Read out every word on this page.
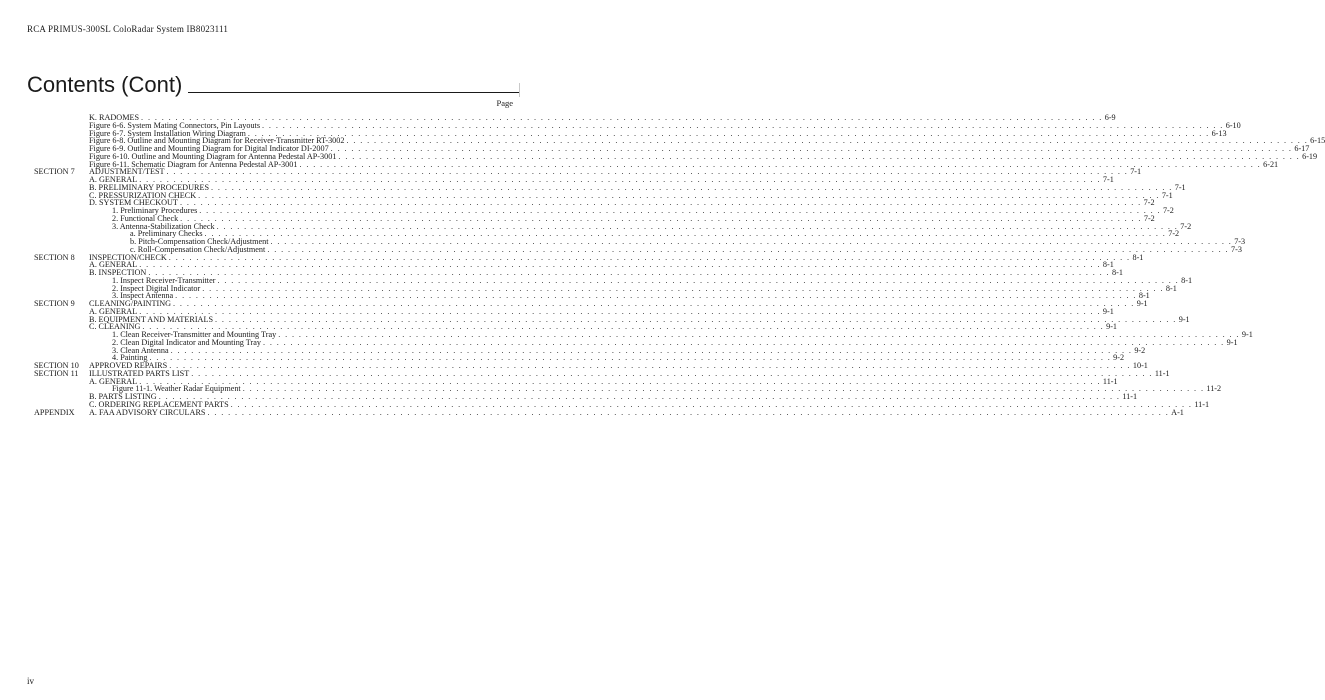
RCA PRIMUS-300SL ColoRadar System IB8023111
Contents (Cont)
Page
K. RADOMES . . . . . . . . . . . . . . . . . . . . . . . . . . . . . . . . . . . . . . . . . . . . . . . . . . . . . . . . . . . . . . . . . . . . . . . . . . . . . . . . . . . . . . . . . . . . . . . . . . . . . . . . . . . . . . . . . . . . . . . . . . . . . . . . . . . . . . . . . . . . 6-9
Figure 6-6. System Mating Connectors, Pin Layouts . . . . . . . . . . . . . . . . . . . . . . . . . . . . . . . . . . . . . . . . . . . . . . . . . . . . . . . . . . . . . . . . . . . . . . . . . . . . . . . . . . . . . . . . . . . . . . . . . . . . . . . . . . . . . . . . . . . . . . . . . . . . . . . . . . . . . . . . . . . . 6-10
Figure 6-7. System Installation Wiring Diagram . . . . . . . . . . . . . . . . . . . . . . . . . . . . . . . . . . . . . . . . . . . . . . . . . . . . . . . . . . . . . . . . . . . . . . . . . . . . . . . . . . . . . . . . . . . . . . . . . . . . . . . . . . . . . . . . . . . . . . . . . . . . . . . . . . . . . . . . . . . . 6-13
Figure 6-8. Outline and Mounting Diagram for Receiver-Transmitter RT-3002 . . . . . . . . . . . . . . . . . . . . . . . . . . . . . . . . . . . . . . . . . . . . . . . . . . . . . . . . . . . . . . . . . . . . . . . . . . . . . . . . . . . . . . . . . . . . . . . . . . . . . . . . . . . . . . . . . . . . . . . . . . . . . . . . . . . . . . . . . . . . 6-15
Figure 6-9. Outline and Mounting Diagram for Digital Indicator DI-2007 . . . . . . . . . . . . . . . . . . . . . . . . . . . . . . . . . . . . . . . . . . . . . . . . . . . . . . . . . . . . . . . . . . . . . . . . . . . . . . . . . . . . . . . . . . . . . . . . . . . . . . . . . . . . . . . . . . . . . . . . . . . . . . . . . . . . . . . . . . . . 6-17
Figure 6-10. Outline and Mounting Diagram for Antenna Pedestal AP-3001 . . . . . . . . . . . . . . . . . . . . . . . . . . . . . . . . . . . . . . . . . . . . . . . . . . . . . . . . . . . . . . . . . . . . . . . . . . . . . . . . . . . . . . . . . . . . . . . . . . . . . . . . . . . . . . . . . . . . . . . . . . . . . . . . . . . . . . . . . . . . 6-19
Figure 6-11. Schematic Diagram for Antenna Pedestal AP-3001 . . . . . . . . . . . . . . . . . . . . . . . . . . . . . . . . . . . . . . . . . . . . . . . . . . . . . . . . . . . . . . . . . . . . . . . . . . . . . . . . . . . . . . . . . . . . . . . . . . . . . . . . . . . . . . . . . . . . . . . . . . . . . . . . . . . . . . . . . . . . 6-21
SECTION 7 ADJUSTMENT/TEST . . . . . . . . . . . . . . . . . . . . . . . . . . . . . . . . . . . . . . . . . . . . . . . . . . . . . . . . . . . . . . . . . . . . . . . . . . . . . . . . . . . . . . . . . . . . . . . . . . . . . . . . . . . . . . . . . . . . . . . . . . . . . . . . . . . . . . . . . . . . 7-1
A. GENERAL . . . . . . . . . . . . . . . . . . . . . . . . . . . . . . . . . . . . . . . . . . . . . . . . . . . . . . . . . . . . . . . . . . . . . . . . . . . . . . . . . . . . . . . . . . . . . . . . . . . . . . . . . . . . . . . . . . . . . . . . . . . . . . . . . . . . . . . . . . . . 7-1
B. PRELIMINARY PROCEDURES . . . . . . . . . . . . . . . . . . . . . . . . . . . . . . . . . . . . . . . . . . . . . . . . . . . . . . . . . . . . . . . . . . . . . . . . . . . . . . . . . . . . . . . . . . . . . . . . . . . . . . . . . . . . . . . . . . . . . . . . . . . . . . . . . . . . . . . . . . . . 7-1
C. PRESSURIZATION CHECK . . . . . . . . . . . . . . . . . . . . . . . . . . . . . . . . . . . . . . . . . . . . . . . . . . . . . . . . . . . . . . . . . . . . . . . . . . . . . . . . . . . . . . . . . . . . . . . . . . . . . . . . . . . . . . . . . . . . . . . . . . . . . . . . . . . . . . . . . . . . 7-1
D. SYSTEM CHECKOUT . . . . . . . . . . . . . . . . . . . . . . . . . . . . . . . . . . . . . . . . . . . . . . . . . . . . . . . . . . . . . . . . . . . . . . . . . . . . . . . . . . . . . . . . . . . . . . . . . . . . . . . . . . . . . . . . . . . . . . . . . . . . . . . . . . . . . . . . . . . . 7-2
1. Preliminary Procedures . . . . . . . . . . . . . . . . . . . . . . . . . . . . . . . . . . . . . . . . . . . . . . . . . . . . . . . . . . . . . . . . . . . . . . . . . . . . . . . . . . . . . . . . . . . . . . . . . . . . . . . . . . . . . . . . . . . . . . . . . . . . . . . . . . . . . . . . . . . . 7-2
2. Functional Check . . . . . . . . . . . . . . . . . . . . . . . . . . . . . . . . . . . . . . . . . . . . . . . . . . . . . . . . . . . . . . . . . . . . . . . . . . . . . . . . . . . . . . . . . . . . . . . . . . . . . . . . . . . . . . . . . . . . . . . . . . . . . . . . . . . . . . . . . . . . 7-2
3. Antenna-Stabilization Check . . . . . . . . . . . . . . . . . . . . . . . . . . . . . . . . . . . . . . . . . . . . . . . . . . . . . . . . . . . . . . . . . . . . . . . . . . . . . . . . . . . . . . . . . . . . . . . . . . . . . . . . . . . . . . . . . . . . . . . . . . . . . . . . . . . . . . . . . . . . 7-2
a. Preliminary Checks . . . . . . . . . . . . . . . . . . . . . . . . . . . . . . . . . . . . . . . . . . . . . . . . . . . . . . . . . . . . . . . . . . . . . . . . . . . . . . . . . . . . . . . . . . . . . . . . . . . . . . . . . . . . . . . . . . . . . . . . . . . . . . . . . . . . . . . . . . . . 7-2
b. Pitch-Compensation Check/Adjustment . . . . . . . . . . . . . . . . . . . . . . . . . . . . . . . . . . . . . . . . . . . . . . . . . . . . . . . . . . . . . . . . . . . . . . . . . . . . . . . . . . . . . . . . . . . . . . . . . . . . . . . . . . . . . . . . . . . . . . . . . . . . . . . . . . . . . . . . . . . . 7-3
c. Roll-Compensation Check/Adjustment . . . . . . . . . . . . . . . . . . . . . . . . . . . . . . . . . . . . . . . . . . . . . . . . . . . . . . . . . . . . . . . . . . . . . . . . . . . . . . . . . . . . . . . . . . . . . . . . . . . . . . . . . . . . . . . . . . . . . . . . . . . . . . . . . . . . . . . . . . . . 7-3
SECTION 8 INSPECTION/CHECK . . . . . . . . . . . . . . . . . . . . . . . . . . . . . . . . . . . . . . . . . . . . . . . . . . . . . . . . . . . . . . . . . . . . . . . . . . . . . . . . . . . . . . . . . . . . . . . . . . . . . . . . . . . . . . . . . . . . . . . . . . . . . . . . . . . . . . . . . . . . 8-1
A. GENERAL . . . . . . . . . . . . . . . . . . . . . . . . . . . . . . . . . . . . . . . . . . . . . . . . . . . . . . . . . . . . . . . . . . . . . . . . . . . . . . . . . . . . . . . . . . . . . . . . . . . . . . . . . . . . . . . . . . . . . . . . . . . . . . . . . . . . . . . . . . . . 8-1
B. INSPECTION . . . . . . . . . . . . . . . . . . . . . . . . . . . . . . . . . . . . . . . . . . . . . . . . . . . . . . . . . . . . . . . . . . . . . . . . . . . . . . . . . . . . . . . . . . . . . . . . . . . . . . . . . . . . . . . . . . . . . . . . . . . . . . . . . . . . . . . . . . . . 8-1
1. Inspect Receiver-Transmitter . . . . . . . . . . . . . . . . . . . . . . . . . . . . . . . . . . . . . . . . . . . . . . . . . . . . . . . . . . . . . . . . . . . . . . . . . . . . . . . . . . . . . . . . . . . . . . . . . . . . . . . . . . . . . . . . . . . . . . . . . . . . . . . . . . . . . . . . . . . . 8-1
2. Inspect Digital Indicator . . . . . . . . . . . . . . . . . . . . . . . . . . . . . . . . . . . . . . . . . . . . . . . . . . . . . . . . . . . . . . . . . . . . . . . . . . . . . . . . . . . . . . . . . . . . . . . . . . . . . . . . . . . . . . . . . . . . . . . . . . . . . . . . . . . . . . . . . . . . 8-1
3. Inspect Antenna . . . . . . . . . . . . . . . . . . . . . . . . . . . . . . . . . . . . . . . . . . . . . . . . . . . . . . . . . . . . . . . . . . . . . . . . . . . . . . . . . . . . . . . . . . . . . . . . . . . . . . . . . . . . . . . . . . . . . . . . . . . . . . . . . . . . . . . . . . . . 8-1
SECTION 9 CLEANING/PAINTING . . . . . . . . . . . . . . . . . . . . . . . . . . . . . . . . . . . . . . . . . . . . . . . . . . . . . . . . . . . . . . . . . . . . . . . . . . . . . . . . . . . . . . . . . . . . . . . . . . . . . . . . . . . . . . . . . . . . . . . . . . . . . . . . . . . . . . . . . . . . 9-1
A. GENERAL . . . . . . . . . . . . . . . . . . . . . . . . . . . . . . . . . . . . . . . . . . . . . . . . . . . . . . . . . . . . . . . . . . . . . . . . . . . . . . . . . . . . . . . . . . . . . . . . . . . . . . . . . . . . . . . . . . . . . . . . . . . . . . . . . . . . . . . . . . . . 9-1
B. EQUIPMENT AND MATERIALS . . . . . . . . . . . . . . . . . . . . . . . . . . . . . . . . . . . . . . . . . . . . . . . . . . . . . . . . . . . . . . . . . . . . . . . . . . . . . . . . . . . . . . . . . . . . . . . . . . . . . . . . . . . . . . . . . . . . . . . . . . . . . . . . . . . . . . . . . . . . 9-1
C. CLEANING . . . . . . . . . . . . . . . . . . . . . . . . . . . . . . . . . . . . . . . . . . . . . . . . . . . . . . . . . . . . . . . . . . . . . . . . . . . . . . . . . . . . . . . . . . . . . . . . . . . . . . . . . . . . . . . . . . . . . . . . . . . . . . . . . . . . . . . . . . . . 9-1
1. Clean Receiver-Transmitter and Mounting Tray . . . . . . . . . . . . . . . . . . . . . . . . . . . . . . . . . . . . . . . . . . . . . . . . . . . . . . . . . . . . . . . . . . . . . . . . . . . . . . . . . . . . . . . . . . . . . . . . . . . . . . . . . . . . . . . . . . . . . . . . . . . . . . . . . . . . . . . . . . . . 9-1
2. Clean Digital Indicator and Mounting Tray . . . . . . . . . . . . . . . . . . . . . . . . . . . . . . . . . . . . . . . . . . . . . . . . . . . . . . . . . . . . . . . . . . . . . . . . . . . . . . . . . . . . . . . . . . . . . . . . . . . . . . . . . . . . . . . . . . . . . . . . . . . . . . . . . . . . . . . . . . . . 9-1
3. Clean Antenna . . . . . . . . . . . . . . . . . . . . . . . . . . . . . . . . . . . . . . . . . . . . . . . . . . . . . . . . . . . . . . . . . . . . . . . . . . . . . . . . . . . . . . . . . . . . . . . . . . . . . . . . . . . . . . . . . . . . . . . . . . . . . . . . . . . . . . . . . . . . 9-2
4. Painting . . . . . . . . . . . . . . . . . . . . . . . . . . . . . . . . . . . . . . . . . . . . . . . . . . . . . . . . . . . . . . . . . . . . . . . . . . . . . . . . . . . . . . . . . . . . . . . . . . . . . . . . . . . . . . . . . . . . . . . . . . . . . . . . . . . . . . . . . . . . 9-2
SECTION 10 APPROVED REPAIRS . . . . . . . . . . . . . . . . . . . . . . . . . . . . . . . . . . . . . . . . . . . . . . . . . . . . . . . . . . . . . . . . . . . . . . . . . . . . . . . . . . . . . . . . . . . . . . . . . . . . . . . . . . . . . . . . . . . . . . . . . . . . . . . . . . . . . . . . . . . . 10-1
SECTION 11 ILLUSTRATED PARTS LIST . . . . . . . . . . . . . . . . . . . . . . . . . . . . . . . . . . . . . . . . . . . . . . . . . . . . . . . . . . . . . . . . . . . . . . . . . . . . . . . . . . . . . . . . . . . . . . . . . . . . . . . . . . . . . . . . . . . . . . . . . . . . . . . . . . . . . . . . . . . . 11-1
A. GENERAL . . . . . . . . . . . . . . . . . . . . . . . . . . . . . . . . . . . . . . . . . . . . . . . . . . . . . . . . . . . . . . . . . . . . . . . . . . . . . . . . . . . . . . . . . . . . . . . . . . . . . . . . . . . . . . . . . . . . . . . . . . . . . . . . . . . . . . . . . . . . 11-1
Figure 11-1. Weather Radar Equipment . . . . . . . . . . . . . . . . . . . . . . . . . . . . . . . . . . . . . . . . . . . . . . . . . . . . . . . . . . . . . . . . . . . . . . . . . . . . . . . . . . . . . . . . . . . . . . . . . . . . . . . . . . . . . . . . . . . . . . . . . . . . . . . . . . . . . . . . . . . . 11-2
B. PARTS LISTING . . . . . . . . . . . . . . . . . . . . . . . . . . . . . . . . . . . . . . . . . . . . . . . . . . . . . . . . . . . . . . . . . . . . . . . . . . . . . . . . . . . . . . . . . . . . . . . . . . . . . . . . . . . . . . . . . . . . . . . . . . . . . . . . . . . . . . . . . . . . 11-1
C. ORDERING REPLACEMENT PARTS . . . . . . . . . . . . . . . . . . . . . . . . . . . . . . . . . . . . . . . . . . . . . . . . . . . . . . . . . . . . . . . . . . . . . . . . . . . . . . . . . . . . . . . . . . . . . . . . . . . . . . . . . . . . . . . . . . . . . . . . . . . . . . . . . . . . . . . . . . . . 11-1
APPENDIX A. FAA ADVISORY CIRCULARS . . . . . . . . . . . . . . . . . . . . . . . . . . . . . . . . . . . . . . . . . . . . . . . . . . . . . . . . . . . . . . . . . . . . . . . . . . . . . . . . . . . . . . . . . . . . . . . . . . . . . . . . . . . . . . . . . . . . . . . . . . . . . . . . . . . . . . . . . . . . A-1
iv
